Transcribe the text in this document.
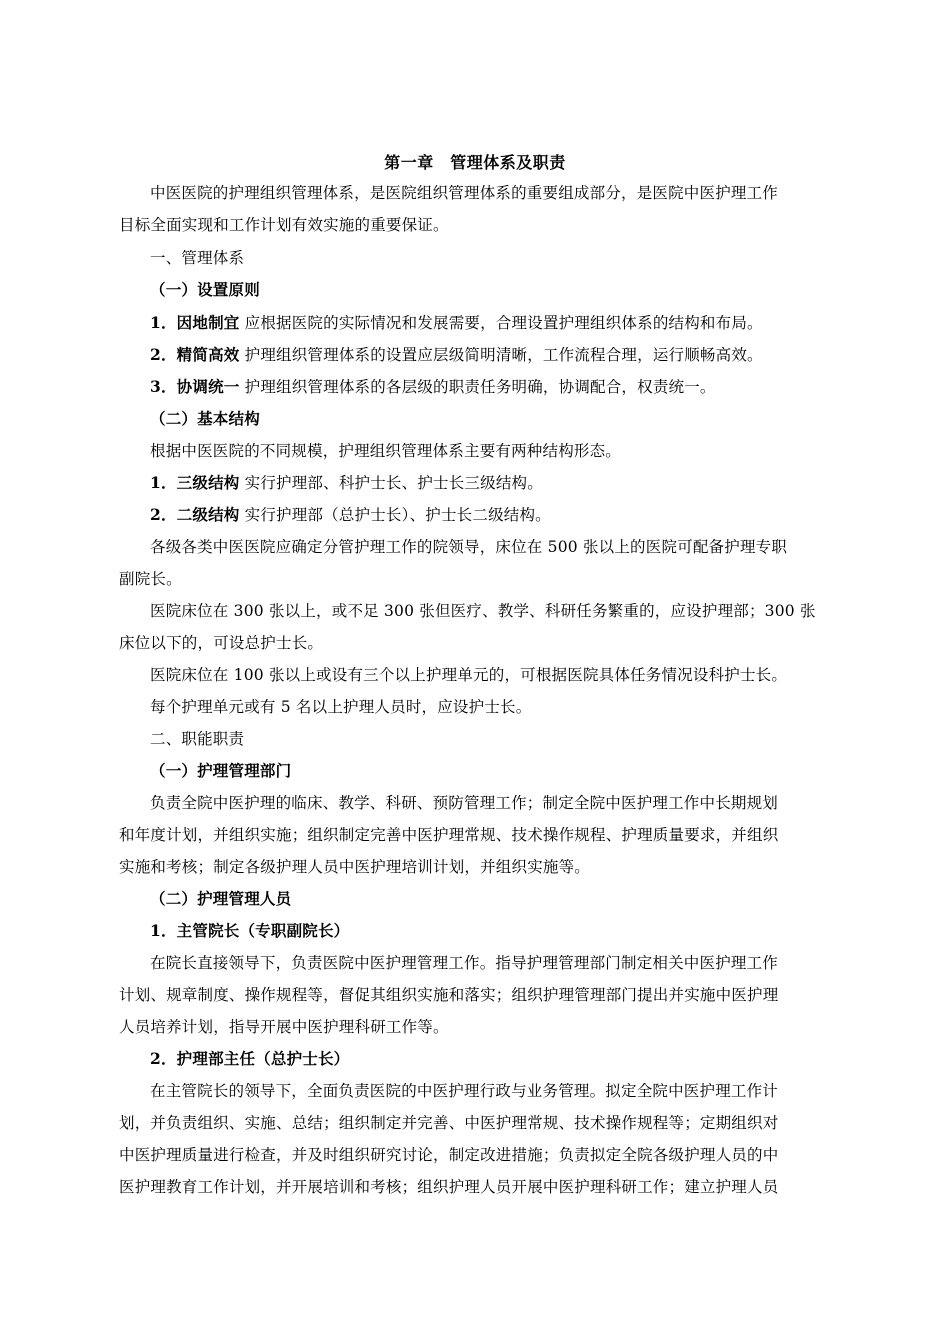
第一章　管理体系及职责
中医医院的护理组织管理体系，是医院组织管理体系的重要组成部分，是医院中医护理工作
目标全面实现和工作计划有效实施的重要保证。
一、管理体系
（一）设置原则
1．因地制宜 应根据医院的实际情况和发展需要，合理设置护理组织体系的结构和布局。
2．精简高效 护理组织管理体系的设置应层级简明清晰，工作流程合理，运行顺畅高效。
3．协调统一 护理组织管理体系的各层级的职责任务明确，协调配合，权责统一。
（二）基本结构
根据中医医院的不同规模，护理组织管理体系主要有两种结构形态。
1．三级结构 实行护理部、科护士长、护士长三级结构。
2．二级结构 实行护理部（总护士长）、护士长二级结构。
各级各类中医医院应确定分管护理工作的院领导，床位在 500 张以上的医院可配备护理专职
副院长。
医院床位在 300 张以上，或不足 300 张但医疗、教学、科研任务繁重的，应设护理部；300 张
床位以下的，可设总护士长。
医院床位在 100 张以上或设有三个以上护理单元的，可根据医院具体任务情况设科护士长。
每个护理单元或有 5 名以上护理人员时，应设护士长。
二、职能职责
（一）护理管理部门
负责全院中医护理的临床、教学、科研、预防管理工作；制定全院中医护理工作中长期规划
和年度计划，并组织实施；组织制定完善中医护理常规、技术操作规程、护理质量要求，并组织
实施和考核；制定各级护理人员中医护理培训计划，并组织实施等。
（二）护理管理人员
1．主管院长（专职副院长）
在院长直接领导下，负责医院中医护理管理工作。指导护理管理部门制定相关中医护理工作
计划、规章制度、操作规程等，督促其组织实施和落实；组织护理管理部门提出并实施中医护理
人员培养计划，指导开展中医护理科研工作等。
2．护理部主任（总护士长）
在主管院长的领导下，全面负责医院的中医护理行政与业务管理。拟定全院中医护理工作计
划，并负责组织、实施、总结；组织制定并完善、中医护理常规、技术操作规程等；定期组织对
中医护理质量进行检查，并及时组织研究讨论，制定改进措施；负责拟定全院各级护理人员的中
医护理教育工作计划，并开展培训和考核；组织护理人员开展中医护理科研工作；建立护理人员
